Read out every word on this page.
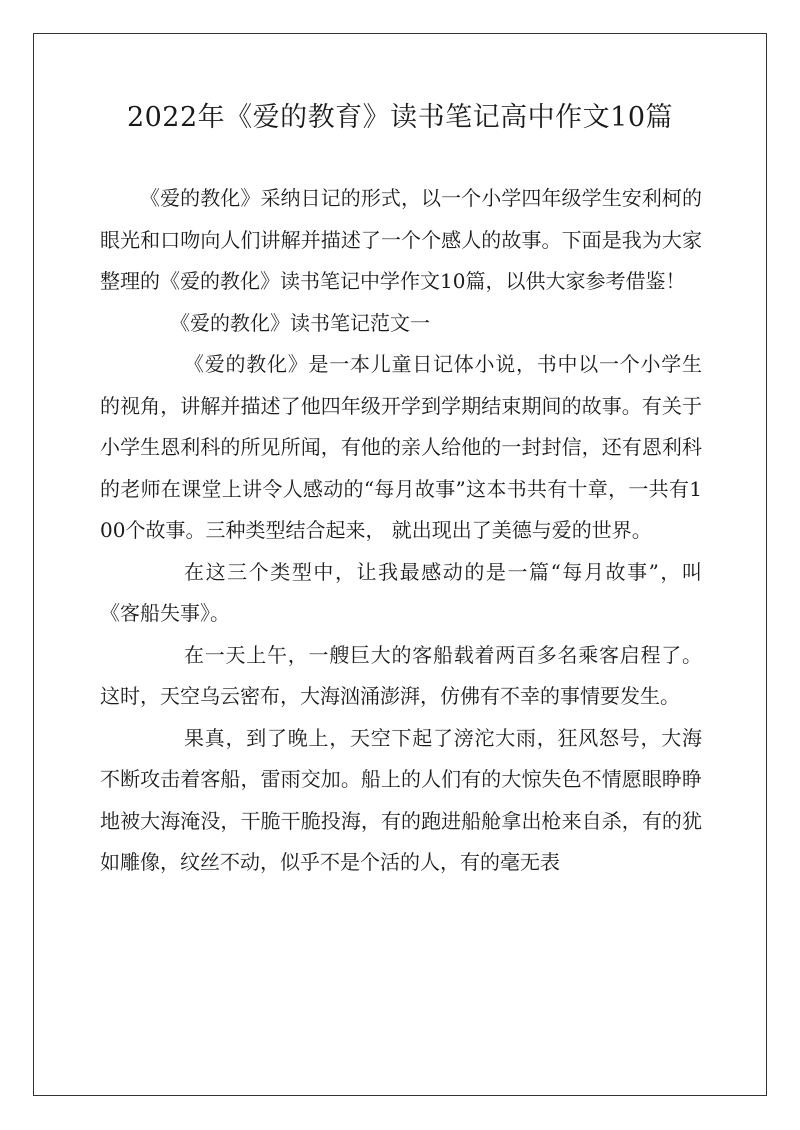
2022年《爱的教育》读书笔记高中作文10篇

《爱的教化》采纳日记的形式，以一个小学四年级学生安利柯的眼光和口吻向人们讲解并描述了一个个感人的故事。下面是我为大家整理的《爱的教化》读书笔记中学作文10篇，以供大家参考借鉴！

《爱的教化》读书笔记范文一

《爱的教化》是一本儿童日记体小说，书中以一个小学生的视角，讲解并描述了他四年级开学到学期结束期间的故事。有关于小学生恩利科的所见所闻，有他的亲人给他的一封封信，还有恩利科的老师在课堂上讲令人感动的“每月故事”这本书共有十章，一共有100个故事。三种类型结合起来， 就出现出了美德与爱的世界。

在这三个类型中，让我最感动的是一篇“每月故事”，叫《客船失事》。

在一天上午，一艘巨大的客船载着两百多名乘客启程了。这时，天空乌云密布，大海汹涌澎湃，仿佛有不幸的事情要发生。

果真，到了晚上，天空下起了滂沱大雨，狂风怒号，大海不断攻击着客船，雷雨交加。船上的人们有的大惊失色不情愿眼睁睁地被大海淹没，干脆干脆投海，有的跑进船舱拿出枪来自杀，有的犹如雕像，纹丝不动，似乎不是个活的人，有的毫无表
